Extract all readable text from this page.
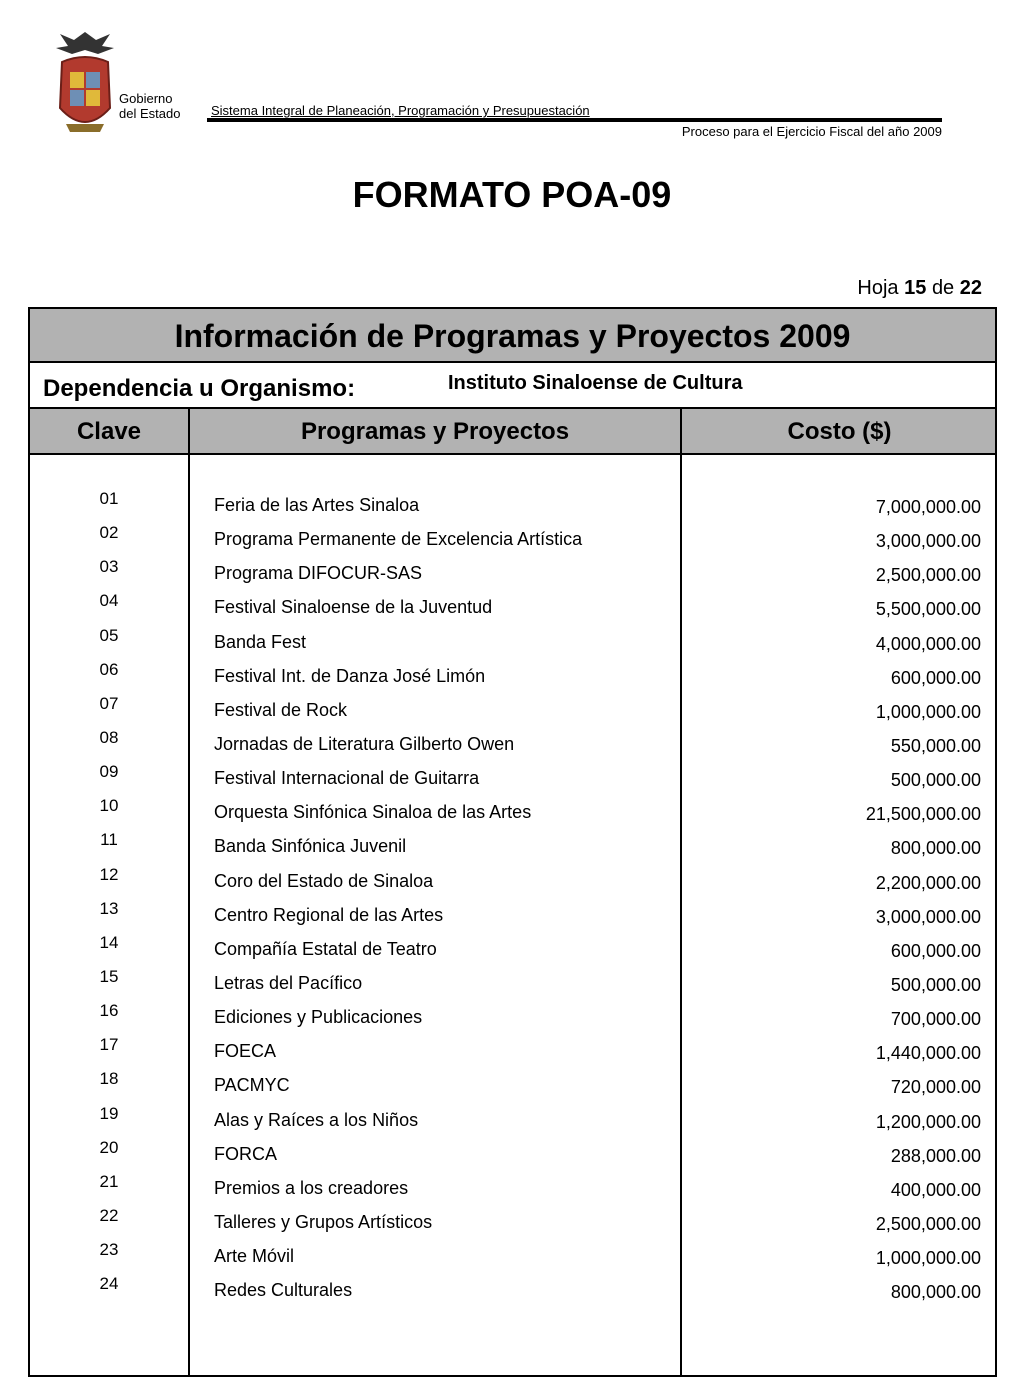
Gobierno
del Estado Sistema Integral de Planeación, Programación y Presupuestación
Proceso para el Ejercicio Fiscal del año 2009
FORMATO POA-09
Hoja 15 de 22
Información de Programas y Proyectos 2009
Dependencia u Organismo:	Instituto Sinaloense de Cultura
Clave	Programas y Proyectos	Costo ($)
01	Feria de las Artes Sinaloa	7,000,000.00
02	Programa Permanente de Excelencia Artística	3,000,000.00
03	Programa DIFOCUR-SAS	2,500,000.00
04	Festival Sinaloense de la Juventud	5,500,000.00
05	Banda Fest	4,000,000.00
06	Festival Int. de Danza José Limón	600,000.00
07	Festival de Rock	1,000,000.00
08	Jornadas de Literatura Gilberto Owen	550,000.00
09	Festival Internacional de Guitarra	500,000.00
10	Orquesta Sinfónica Sinaloa de las Artes	21,500,000.00
11	Banda Sinfónica Juvenil	800,000.00
12	Coro del Estado de Sinaloa	2,200,000.00
13	Centro Regional de las Artes	3,000,000.00
14	Compañía Estatal de Teatro	600,000.00
15	Letras del Pacífico	500,000.00
16	Ediciones y Publicaciones	700,000.00
17	FOECA	1,440,000.00
18	PACMYC	720,000.00
19	Alas y Raíces a los Niños	1,200,000.00
20	FORCA	288,000.00
21	Premios a los creadores	400,000.00
22	Talleres y Grupos Artísticos	2,500,000.00
23	Arte Móvil	1,000,000.00
24	Redes Culturales	800,000.00
